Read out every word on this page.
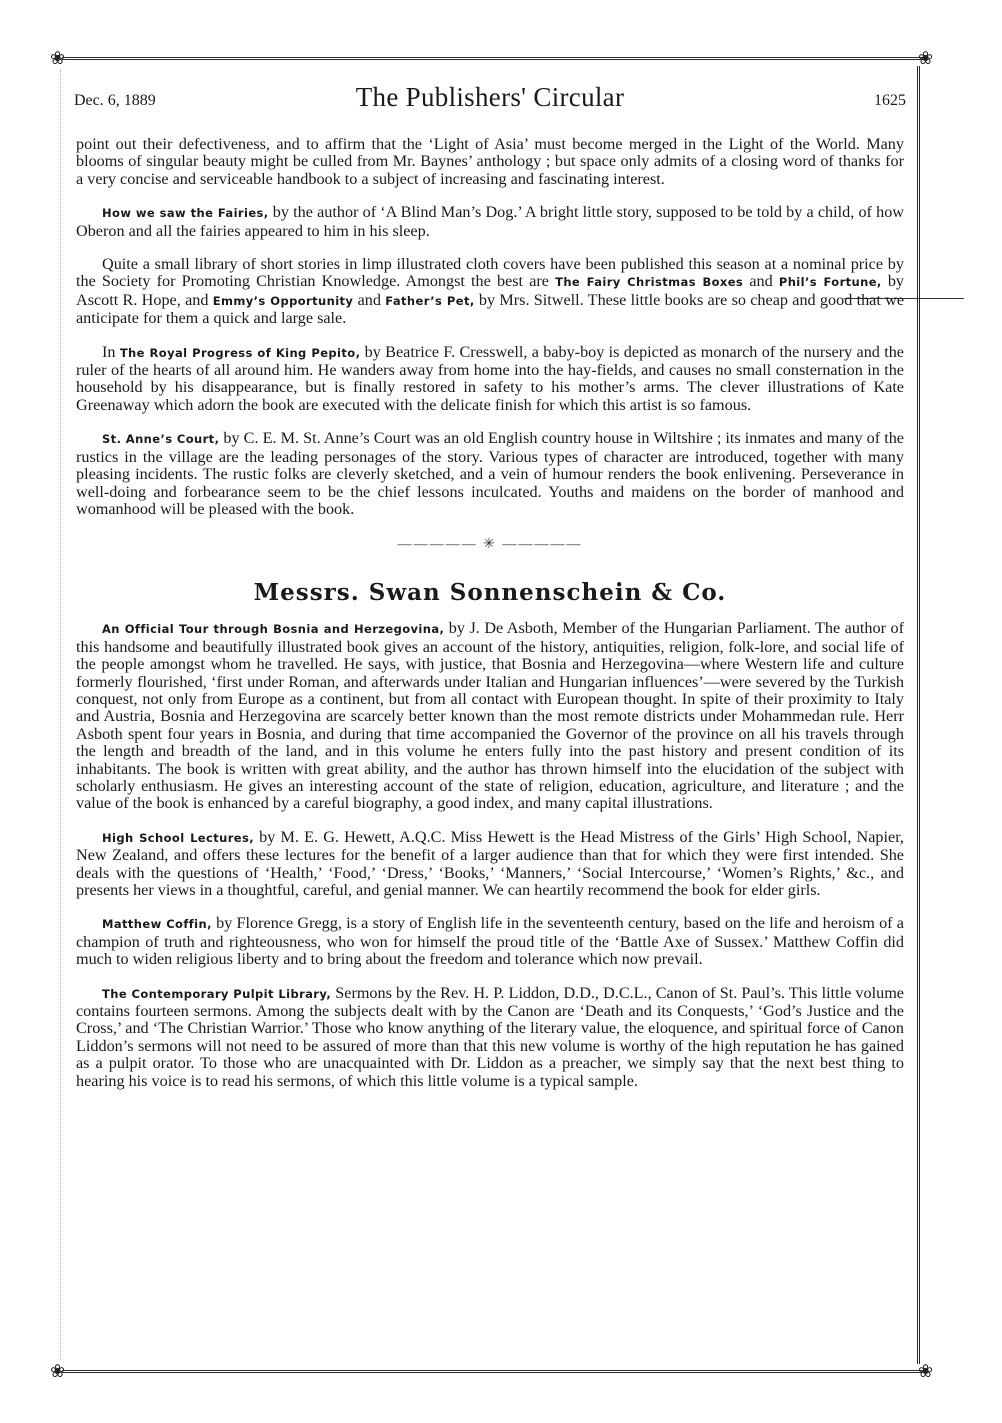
❀	❀
❀	❀
Dec. 6, 1889	The Publishers' Circular	1625

point out their defectiveness, and to affirm that the ‘Light of Asia’ must become merged in the Light of the World. Many blooms of singular beauty might be culled from Mr. Baynes’ anthology ; but space only admits of a closing word of thanks for a very concise and serviceable handbook to a subject of increasing and fascinating interest.

How we saw the Fairies, by the author of ‘A Blind Man’s Dog.’ A bright little story, supposed to be told by a child, of how Oberon and all the fairies appeared to him in his sleep.

Quite a small library of short stories in limp illustrated cloth covers have been published this season at a nominal price by the Society for Promoting Christian Knowledge. Amongst the best are The Fairy Christmas Boxes and Phil’s Fortune, by Ascott R. Hope, and Emmy’s Opportunity and Father’s Pet, by Mrs. Sitwell. These little books are so cheap and good that we anticipate for them a quick and large sale.

In The Royal Progress of King Pepito, by Beatrice F. Cresswell, a baby-boy is depicted as monarch of the nursery and the ruler of the hearts of all around him. He wanders away from home into the hay-fields, and causes no small consternation in the household by his disappearance, but is finally restored in safety to his mother’s arms. The clever illustrations of Kate Greenaway which adorn the book are executed with the delicate finish for which this artist is so famous.

St. Anne’s Court, by C. E. M. St. Anne’s Court was an old English country house in Wiltshire ; its inmates and many of the rustics in the village are the leading personages of the story. Various types of character are introduced, together with many pleasing incidents. The rustic folks are cleverly sketched, and a vein of humour renders the book enlivening. Perseverance in well-doing and forbearance seem to be the chief lessons inculcated. Youths and maidens on the border of manhood and womanhood will be pleased with the book.

————— ✳ —————
Messrs. Swan Sonnenschein & Co.

An Official Tour through Bosnia and Herzegovina, by J. De Asboth, Member of the Hungarian Parliament. The author of this handsome and beautifully illustrated book gives an account of the history, antiquities, religion, folk-lore, and social life of the people amongst whom he travelled. He says, with justice, that Bosnia and Herzegovina—where Western life and culture formerly flourished, ‘first under Roman, and afterwards under Italian and Hungarian influences’—were severed by the Turkish conquest, not only from Europe as a continent, but from all contact with European thought. In spite of their proximity to Italy and Austria, Bosnia and Herzegovina are scarcely better known than the most remote districts under Mohammedan rule. Herr Asboth spent four years in Bosnia, and during that time accompanied the Governor of the province on all his travels through the length and breadth of the land, and in this volume he enters fully into the past history and present condition of its inhabitants. The book is written with great ability, and the author has thrown himself into the elucidation of the subject with scholarly enthusiasm. He gives an interesting account of the state of religion, education, agriculture, and literature ; and the value of the book is enhanced by a careful biography, a good index, and many capital illustrations.

High School Lectures, by M. E. G. Hewett, A.Q.C. Miss Hewett is the Head Mistress of the Girls’ High School, Napier, New Zealand, and offers these lectures for the benefit of a larger audience than that for which they were first intended. She deals with the questions of ‘Health,’ ‘Food,’ ‘Dress,’ ‘Books,’ ‘Manners,’ ‘Social Intercourse,’ ‘Women’s Rights,’ &c., and presents her views in a thoughtful, careful, and genial manner. We can heartily recommend the book for elder girls.

Matthew Coffin, by Florence Gregg, is a story of English life in the seventeenth century, based on the life and heroism of a champion of truth and righteousness, who won for himself the proud title of the ‘Battle Axe of Sussex.’ Matthew Coffin did much to widen religious liberty and to bring about the freedom and tolerance which now prevail.

The Contemporary Pulpit Library, Sermons by the Rev. H. P. Liddon, D.D., D.C.L., Canon of St. Paul’s. This little volume contains fourteen sermons. Among the subjects dealt with by the Canon are ‘Death and its Conquests,’ ‘God’s Justice and the Cross,’ and ‘The Christian Warrior.’ Those who know anything of the literary value, the eloquence, and spiritual force of Canon Liddon’s sermons will not need to be assured of more than that this new volume is worthy of the high reputation he has gained as a pulpit orator. To those who are unacquainted with Dr. Liddon as a preacher, we simply say that the next best thing to hearing his voice is to read his sermons, of which this little volume is a typical sample.
